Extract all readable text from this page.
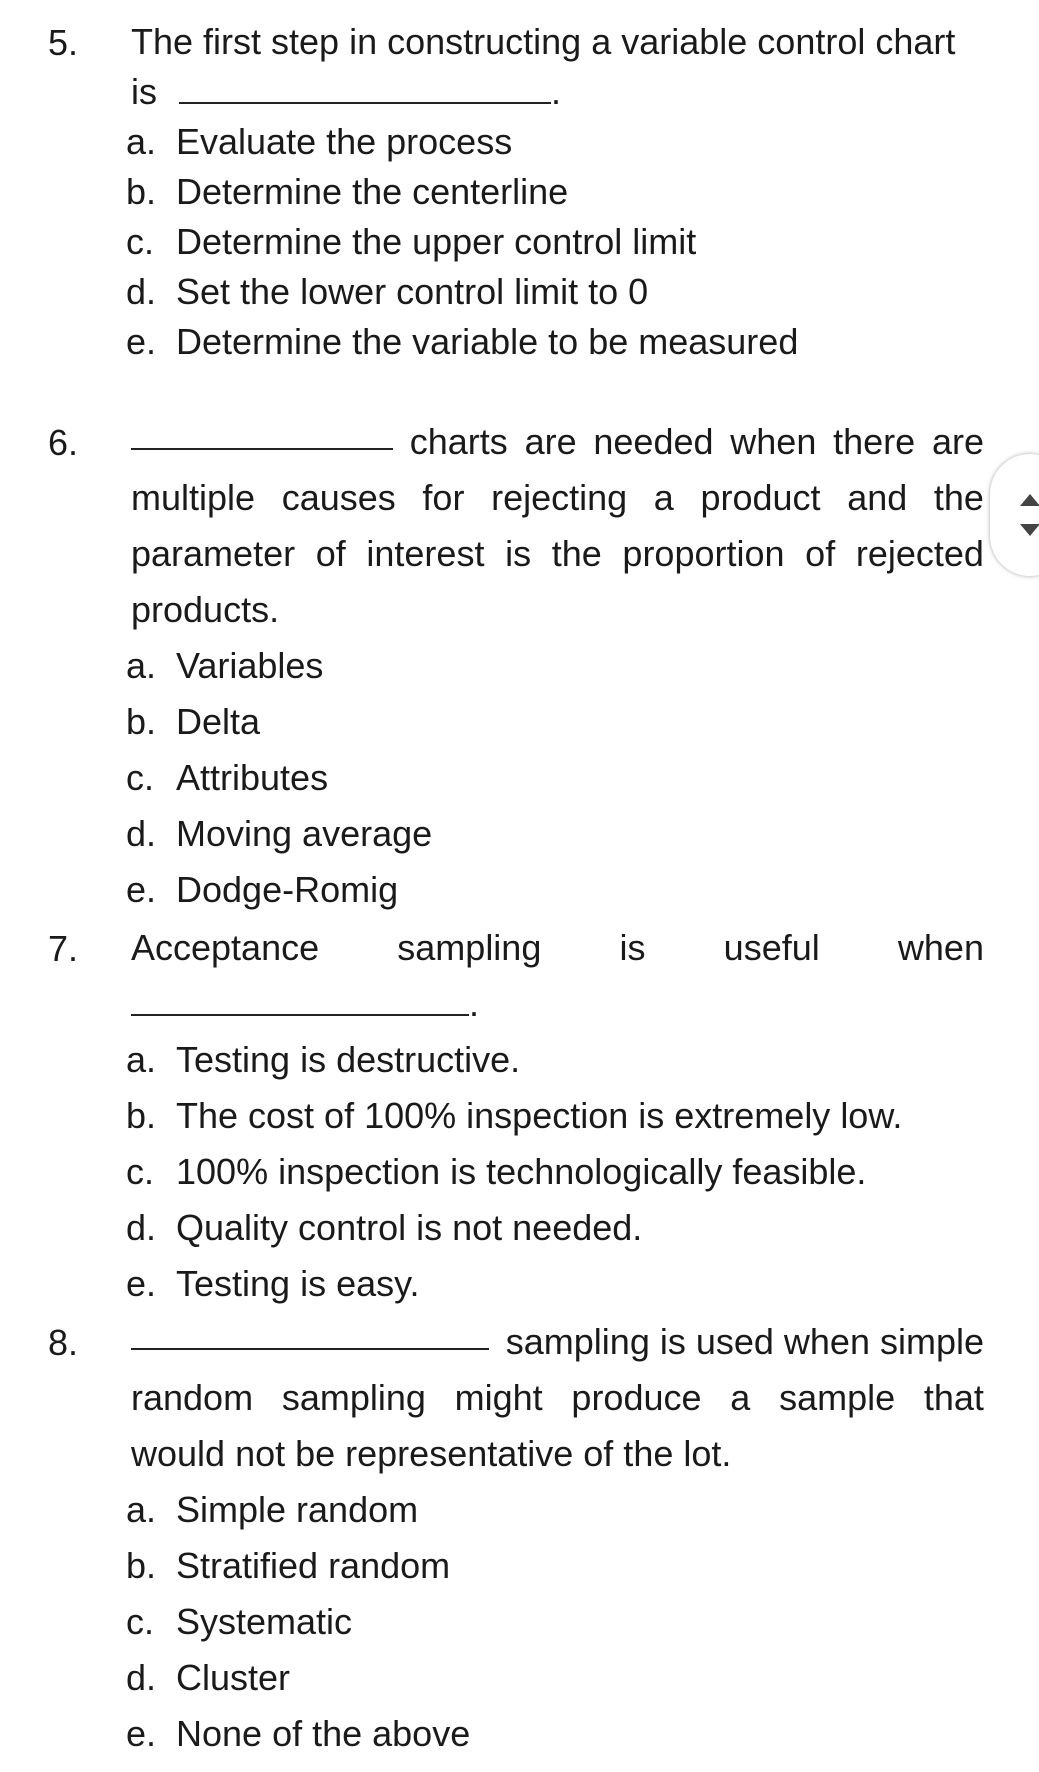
5. The first step in constructing a variable control chart
is	.
a. Evaluate the process
b. Determine the centerline
c. Determine the upper control limit
d. Set the lower control limit to 0
e. Determine the variable to be measured
6.	charts are needed when there are
multiple causes for rejecting a product and the
parameter of interest is the proportion of rejected
products.
a. Variables
b. Delta
c. Attributes
d. Moving average
e. Dodge-Romig
7. Acceptance sampling is useful when
.
a. Testing is destructive.
b. The cost of 100% inspection is extremely low.
c. 100% inspection is technologically feasible.
d. Quality control is not needed.
e. Testing is easy.
8.	sampling is used when simple
random sampling might produce a sample that
would not be representative of the lot.
a. Simple random
b. Stratified random
c. Systematic
d. Cluster
e. None of the above
